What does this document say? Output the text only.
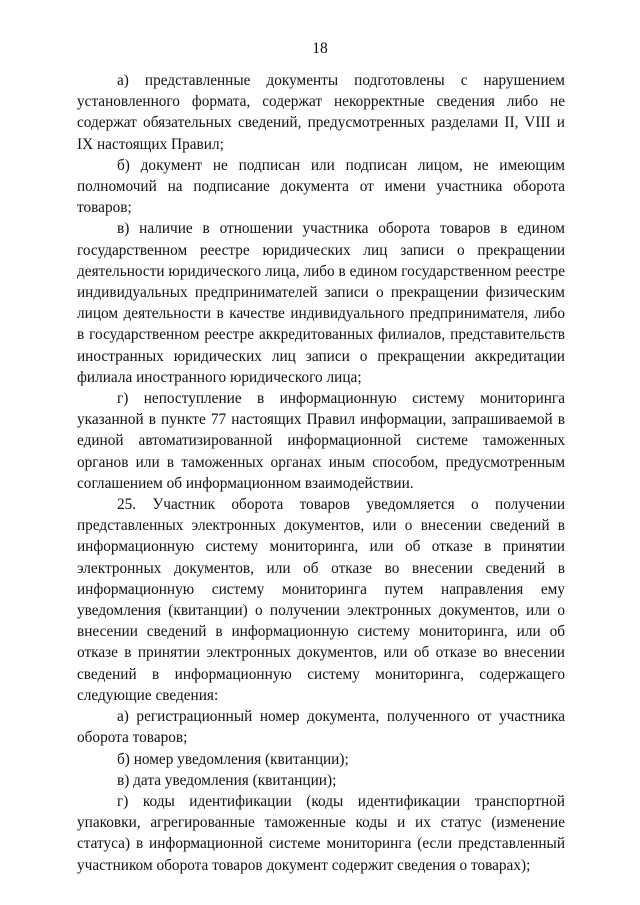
18

а) представленные документы подготовлены с нарушением установленного формата, содержат некорректные сведения либо не содержат обязательных сведений, предусмотренных разделами II, VIII и IX настоящих Правил;

б) документ не подписан или подписан лицом, не имеющим полномочий на подписание документа от имени участника оборота товаров;

в) наличие в отношении участника оборота товаров в едином государственном реестре юридических лиц записи о прекращении деятельности юридического лица, либо в едином государственном реестре индивидуальных предпринимателей записи о прекращении физическим лицом деятельности в качестве индивидуального предпринимателя, либо в государственном реестре аккредитованных филиалов, представительств иностранных юридических лиц записи о прекращении аккредитации филиала иностранного юридического лица;

г) непоступление в информационную систему мониторинга указанной в пункте 77 настоящих Правил информации, запрашиваемой в единой автоматизированной информационной системе таможенных органов или в таможенных органах иным способом, предусмотренным соглашением об информационном взаимодействии.

25. Участник оборота товаров уведомляется о получении представленных электронных документов, или о внесении сведений в информационную систему мониторинга, или об отказе в принятии электронных документов, или об отказе во внесении сведений в информационную систему мониторинга путем направления ему уведомления (квитанции) о получении электронных документов, или о внесении сведений в информационную систему мониторинга, или об отказе в принятии электронных документов, или об отказе во внесении сведений в информационную систему мониторинга, содержащего следующие сведения:

а) регистрационный номер документа, полученного от участника оборота товаров;

б) номер уведомления (квитанции);

в) дата уведомления (квитанции);

г) коды идентификации (коды идентификации транспортной упаковки, агрегированные таможенные коды и их статус (изменение статуса) в информационной системе мониторинга (если представленный участником оборота товаров документ содержит сведения о товарах);
